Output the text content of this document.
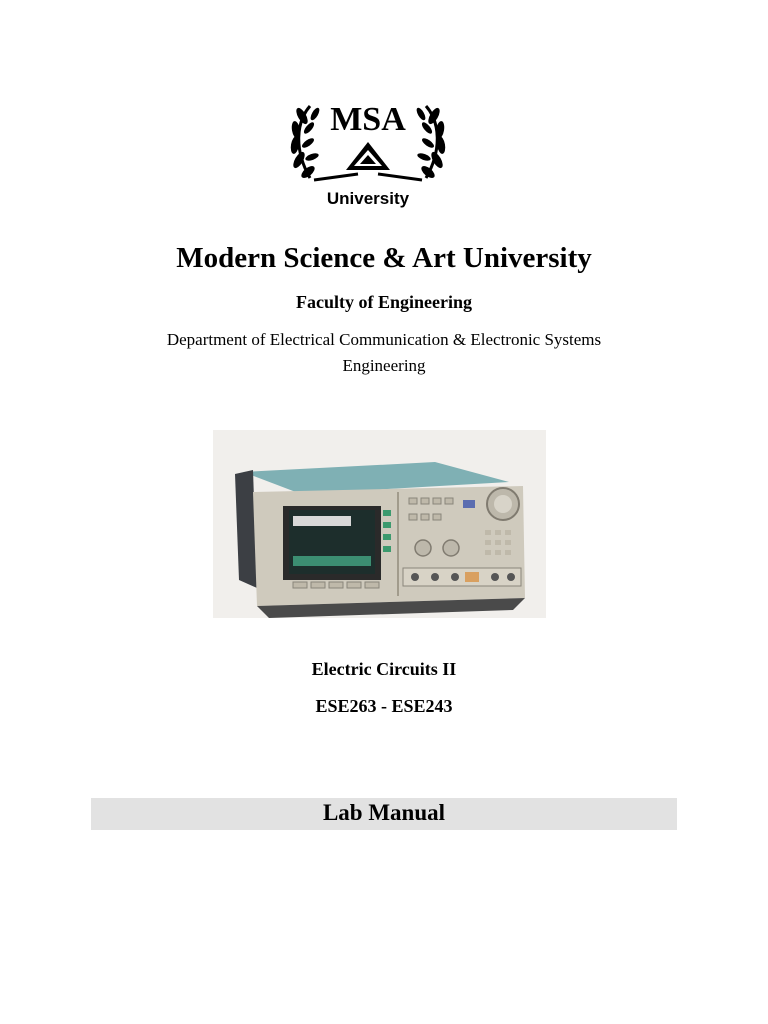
MSA
University

Modern Science & Art University

Faculty of Engineering

Department of Electrical Communication & Electronic Systems
Engineering

Electric Circuits II

ESE263 - ESE243

Lab Manual
